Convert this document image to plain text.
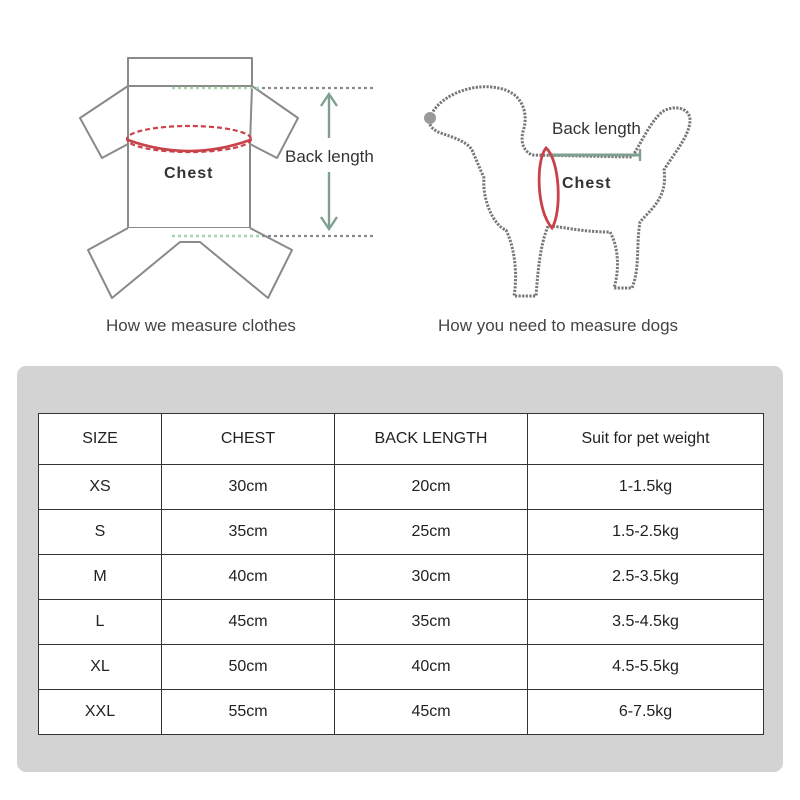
Chest
Back length
Back length
Chest
How we measure clothes	How you need to measure dogs
SIZE	CHEST	BACK LENGTH	Suit for pet weight
XS	30cm	20cm	1-1.5kg
S	35cm	25cm	1.5-2.5kg
M	40cm	30cm	2.5-3.5kg
L	45cm	35cm	3.5-4.5kg
XL	50cm	40cm	4.5-5.5kg
XXL	55cm	45cm	6-7.5kg
